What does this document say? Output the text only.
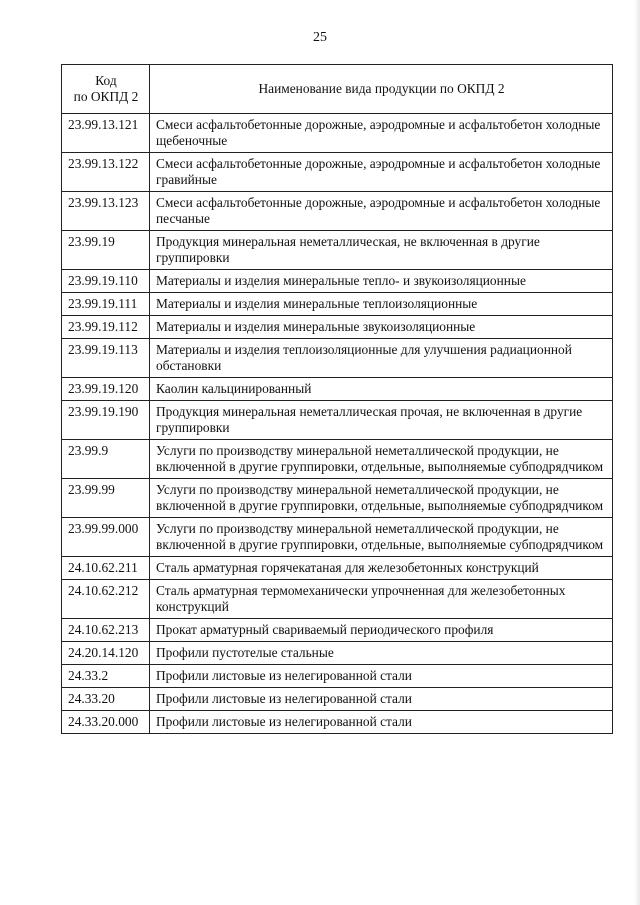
25
Код
по ОКПД 2	Наименование вида продукции по ОКПД 2
23.99.13.121	Смеси асфальтобетонные дорожные, аэродромные и асфальтобетон холодные щебеночные
23.99.13.122	Смеси асфальтобетонные дорожные, аэродромные и асфальтобетон холодные гравийные
23.99.13.123	Смеси асфальтобетонные дорожные, аэродромные и асфальтобетон холодные песчаные
23.99.19	Продукция минеральная неметаллическая, не включенная в другие группировки
23.99.19.110	Материалы и изделия минеральные тепло- и звукоизоляционные
23.99.19.111	Материалы и изделия минеральные теплоизоляционные
23.99.19.112	Материалы и изделия минеральные звукоизоляционные
23.99.19.113	Материалы и изделия теплоизоляционные для улучшения радиационной обстановки
23.99.19.120	Каолин кальцинированный
23.99.19.190	Продукция минеральная неметаллическая прочая, не включенная в другие группировки
23.99.9	Услуги по производству минеральной неметаллической продукции, не включенной в другие группировки, отдельные, выполняемые субподрядчиком
23.99.99	Услуги по производству минеральной неметаллической продукции, не включенной в другие группировки, отдельные, выполняемые субподрядчиком
23.99.99.000	Услуги по производству минеральной неметаллической продукции, не включенной в другие группировки, отдельные, выполняемые субподрядчиком
24.10.62.211	Сталь арматурная горячекатаная для железобетонных конструкций
24.10.62.212	Сталь арматурная термомеханически упрочненная для железобетонных конструкций
24.10.62.213	Прокат арматурный свариваемый периодического профиля
24.20.14.120	Профили пустотелые стальные
24.33.2	Профили листовые из нелегированной стали
24.33.20	Профили листовые из нелегированной стали
24.33.20.000	Профили листовые из нелегированной стали
